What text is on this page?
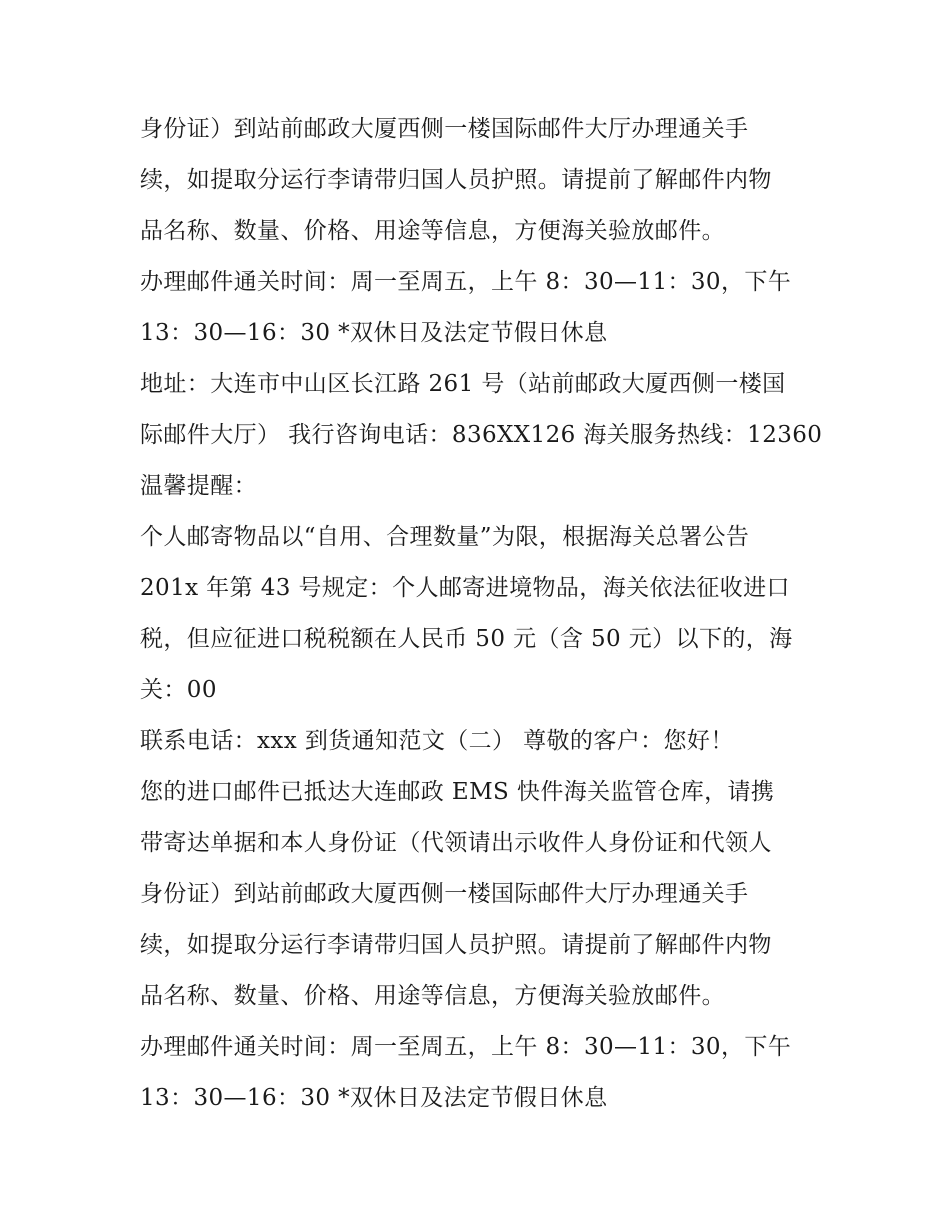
身份证）到站前邮政大厦西侧一楼国际邮件大厅办理通关手
续，如提取分运行李请带归国人员护照。请提前了解邮件内物
品名称、数量、价格、用途等信息，方便海关验放邮件。
办理邮件通关时间：周一至周五，上午 8：30—11：30，下午
13：30—16：30 *双休日及法定节假日休息
地址：大连市中山区长江路 261 号（站前邮政大厦西侧一楼国
际邮件大厅） 我行咨询电话：836XX126 海关服务热线：12360
温馨提醒：
个人邮寄物品以“自用、合理数量”为限，根据海关总署公告
201x 年第 43 号规定：个人邮寄进境物品，海关依法征收进口
税，但应征进口税税额在人民币 50 元（含 50 元）以下的，海
关：00
联系电话：xxx 到货通知范文（二） 尊敬的客户：您好！
您的进口邮件已抵达大连邮政 EMS 快件海关监管仓库，请携
带寄达单据和本人身份证（代领请出示收件人身份证和代领人
身份证）到站前邮政大厦西侧一楼国际邮件大厅办理通关手
续，如提取分运行李请带归国人员护照。请提前了解邮件内物
品名称、数量、价格、用途等信息，方便海关验放邮件。
办理邮件通关时间：周一至周五，上午 8：30—11：30，下午
13：30—16：30 *双休日及法定节假日休息
